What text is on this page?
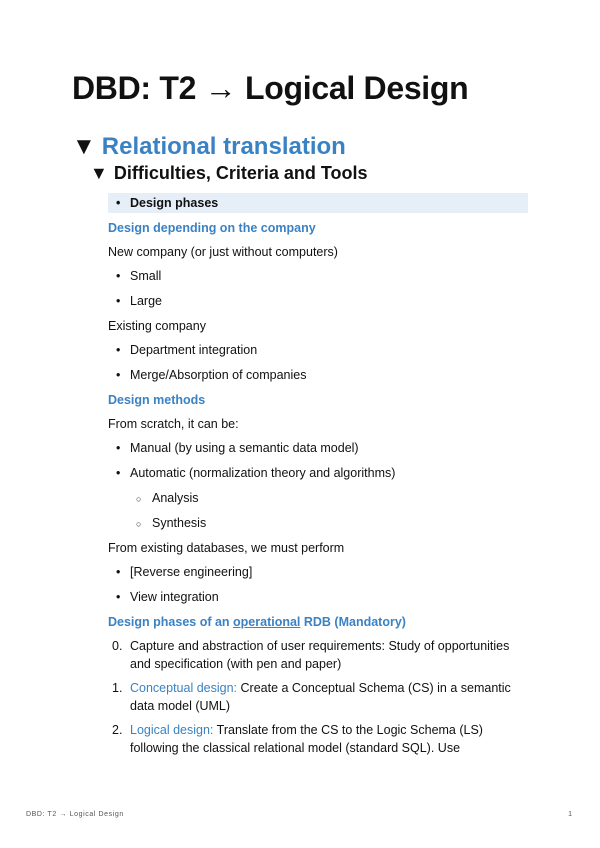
DBD: T2 → Logical Design
▼ Relational translation
▼ Difficulties, Criteria and Tools
• Design phases
Design depending on the company
New company (or just without computers)
• Small
• Large
Existing company
• Department integration
• Merge/Absorption of companies
Design methods
From scratch, it can be:
• Manual (by using a semantic data model)
• Automatic (normalization theory and algorithms)
○ Analysis
○ Synthesis
From existing databases, we must perform
• [Reverse engineering]
• View integration
Design phases of an operational RDB (Mandatory)
0. Capture and abstraction of user requirements: Study of opportunities and specification (with pen and paper)
1. Conceptual design: Create a Conceptual Schema (CS) in a semantic data model (UML)
2. Logical design: Translate from the CS to the Logic Schema (LS) following the classical relational model (standard SQL). Use
DBD: T2 → Logical Design	1
